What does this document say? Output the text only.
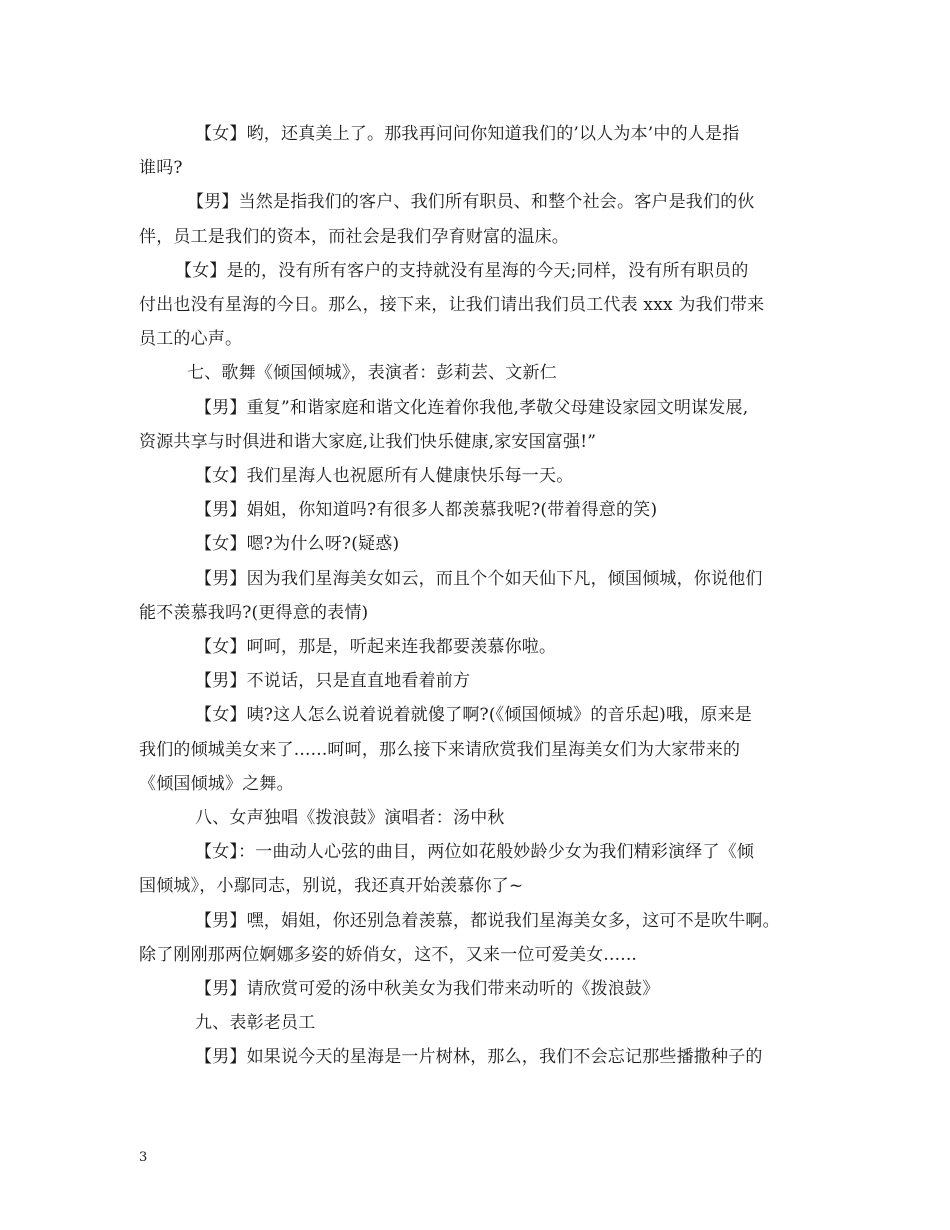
【女】哟，还真美上了。那我再问问你知道我们的’以人为本’中的人是指
谁吗?
【男】当然是指我们的客户、我们所有职员、和整个社会。客户是我们的伙
伴，员工是我们的资本，而社会是我们孕育财富的温床。
【女】是的，没有所有客户的支持就没有星海的今天;同样，没有所有职员的
付出也没有星海的今日。那么，接下来，让我们请出我们员工代表 xxx 为我们带来
员工的心声。
七、歌舞《倾国倾城》，表演者：彭莉芸、文新仁
【男】重复”和谐家庭和谐文化连着你我他,孝敬父母建设家园文明谋发展,
资源共享与时俱进和谐大家庭,让我们快乐健康,家安国富强!”
【女】我们星海人也祝愿所有人健康快乐每一天。
【男】娟姐，你知道吗?有很多人都羡慕我呢?(带着得意的笑)
【女】嗯?为什么呀?(疑惑)
【男】因为我们星海美女如云，而且个个如天仙下凡，倾国倾城，你说他们
能不羡慕我吗?(更得意的表情)
【女】呵呵，那是，听起来连我都要羡慕你啦。
【男】不说话，只是直直地看着前方
【女】咦?这人怎么说着说着就傻了啊?(《倾国倾城》的音乐起)哦，原来是
我们的倾城美女来了......呵呵，那么接下来请欣赏我们星海美女们为大家带来的
《倾国倾城》之舞。
八、女声独唱《拨浪鼓》演唱者：汤中秋
【女】：一曲动人心弦的曲目，两位如花般妙龄少女为我们精彩演绎了《倾
国倾城》，小鄢同志，别说，我还真开始羡慕你了~
【男】嘿，娟姐，你还别急着羡慕，都说我们星海美女多，这可不是吹牛啊。
除了刚刚那两位婀娜多姿的娇俏女，这不，又来一位可爱美女......
【男】请欣赏可爱的汤中秋美女为我们带来动听的《拨浪鼓》
九、表彰老员工
【男】如果说今天的星海是一片树林，那么，我们不会忘记那些播撒种子的
3
